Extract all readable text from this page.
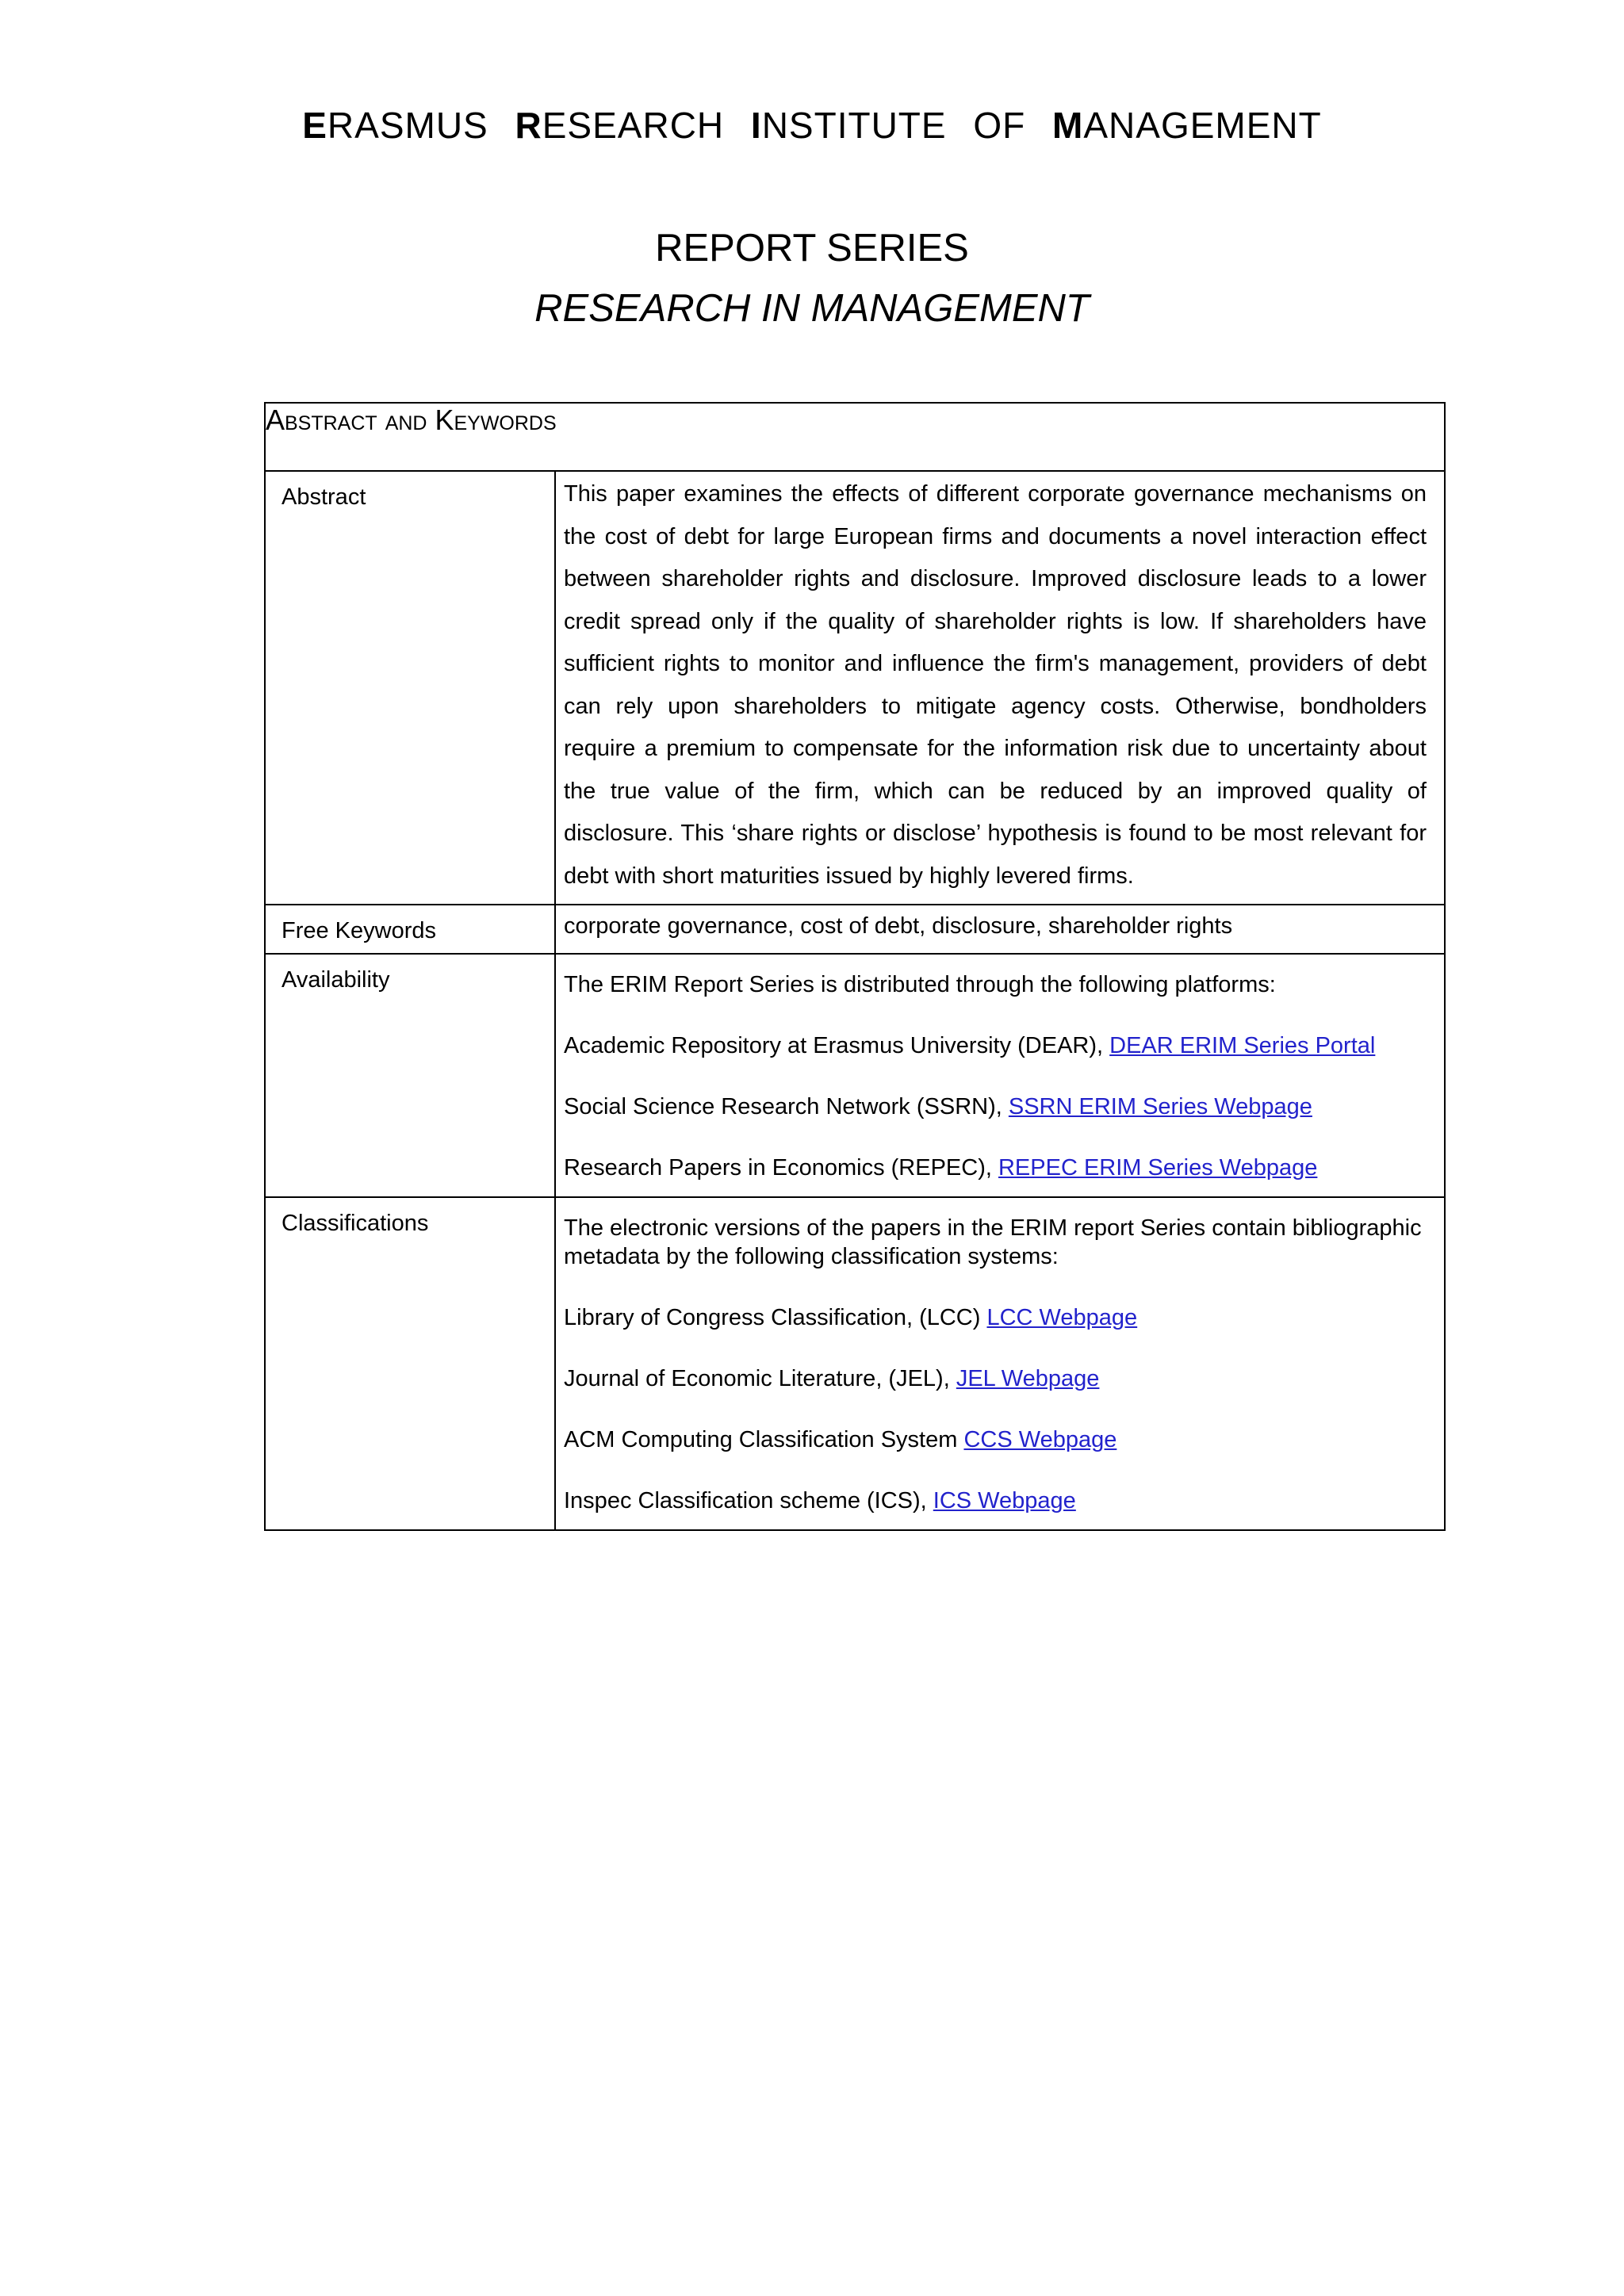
ERASMUS RESEARCH INSTITUTE OF MANAGEMENT
REPORT SERIES
RESEARCH IN MANAGEMENT
Abstract and Keywords	
Abstract	This paper examines the effects of different corporate governance mechanisms on the cost of debt for large European firms and documents a novel interaction effect between shareholder rights and disclosure. Improved disclosure leads to a lower credit spread only if the quality of shareholder rights is low. If shareholders have sufficient rights to monitor and influence the firm's management, providers of debt can rely upon shareholders to mitigate agency costs. Otherwise, bondholders require a premium to compensate for the information risk due to uncertainty about the true value of the firm, which can be reduced by an improved quality of disclosure. This ‘share rights or disclose’ hypothesis is found to be most relevant for debt with short maturities issued by highly levered firms.

Free Keywords	corporate governance, cost of debt, disclosure, shareholder rights

Availability	The ERIM Report Series is distributed through the following platforms:

Academic Repository at Erasmus University (DEAR), DEAR ERIM Series Portal

Social Science Research Network (SSRN), SSRN ERIM Series Webpage

Research Papers in Economics (REPEC), REPEC ERIM Series Webpage

Classifications	The electronic versions of the papers in the ERIM report Series contain bibliographic metadata by the following classification systems:

Library of Congress Classification, (LCC) LCC Webpage

Journal of Economic Literature, (JEL), JEL Webpage

ACM Computing Classification System CCS Webpage

Inspec Classification scheme (ICS), ICS Webpage
